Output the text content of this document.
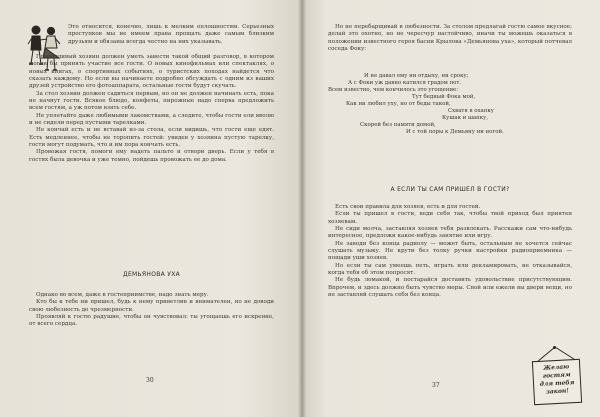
Это относится, конечно, лишь к мелким оплошностям. Серьезных проступков мы не имеем права прощать даже самым близким друзьям и обязаны всегда честно на них указывать.

Приветливый хозяин должен уметь завести такой общий разговор, в котором могли бы принять участие все гости. О новых кинофильмах или спектаклях, о новых книгах, о спортивных событиях, о туристских походах найдется что сказать каждому. Но если вы начинаете подробно обсуждать с одним из ваших друзей устройство его фотоаппарата, остальные гости будут скучать.

За стол хозяин должен садиться первым, но он не должен начинать есть, пока не начнут гости. Всякое блюдо, конфеты, пирожные надо сперва предложить всем гостям, а уж потом взять себе.

Не уплетайте даже любимыми лакомствами, а следите, чтобы гости ели вволю и не сидели перед пустыми тарелками.

Не кончай есть и не вставай из-за стола, если видишь, что гости еще едят. Есть медленнее, чтобы не торопить гостей: увидев у хозяина пустую тарелку, гости могут подумать, что и им пора кончать есть.

Провожая гостя, помоги ему надеть пальто и отвори дверь. Если у тебя в гостях была девочка и уже темно, пойдешь провожать ее до дома.

ДЕМЬЯНОВА УХА

Однако во всем, даже в гостеприимстве, надо знать меру.

Кто бы к тебе ни пришел, будь к нему приветлив и внимателен, но не доводи свою любезность до чрезмерности.

Проявляй к гостю радушие, чтобы он чувствовал: ты угощаешь его искренне, от всего сердца.

30

Но не перебарщивай в любезности. За столом предлагай гостю самое вкусное; делай это охотно, но не чересчур настойчиво, иначи ты можешь оказаться в положении известного героя басни Крылова «Демьянова уха», который потчевал соседа Фоку:

И не давал ему ни отдыху, ни сроку;
А с Фоки уж давно катился градом пот.
Всем известно, чем кончилось это угощение:
Тут бедный Фока мой,
Как ни любил уху, но от беды такой,
Схватя в охапку
Кушак и шапку,
Скорей без памяти домой,
И с той поры к Демьяну ни ногой.
А ЕСЛИ ТЫ САМ ПРИШЕЛ В ГОСТИ?

Есть свои правила для хозяев, есть и для гостей.

Если ты пришел в гости, веди себя так, чтобы твой приход был приятен хозяевам.

Не сиди молча, заставляя хозяев тебя развлекать. Расскажи сам что-нибудь интересное, предложи какое-нибудь занятие или игру.

Не заводи без конца радиолу — может быть, остальным не хочется сейчас слушать музыку. Не крути без толку ручки настройки радиоприемника — пощади уши хозяев.

Но если ты сам умеешь петь, играть или декламировать, не отказывайся, когда тебя об этом попросят.

Не будь ломакой, и постарайся доставить удовольствие присутствующим. Впрочем, и здесь должно быть чувство меры. Свой или ежели вы двери вещи, но не заставляй слушать себя без конца.

37
Желаю
гостям
для тебя
закон!
